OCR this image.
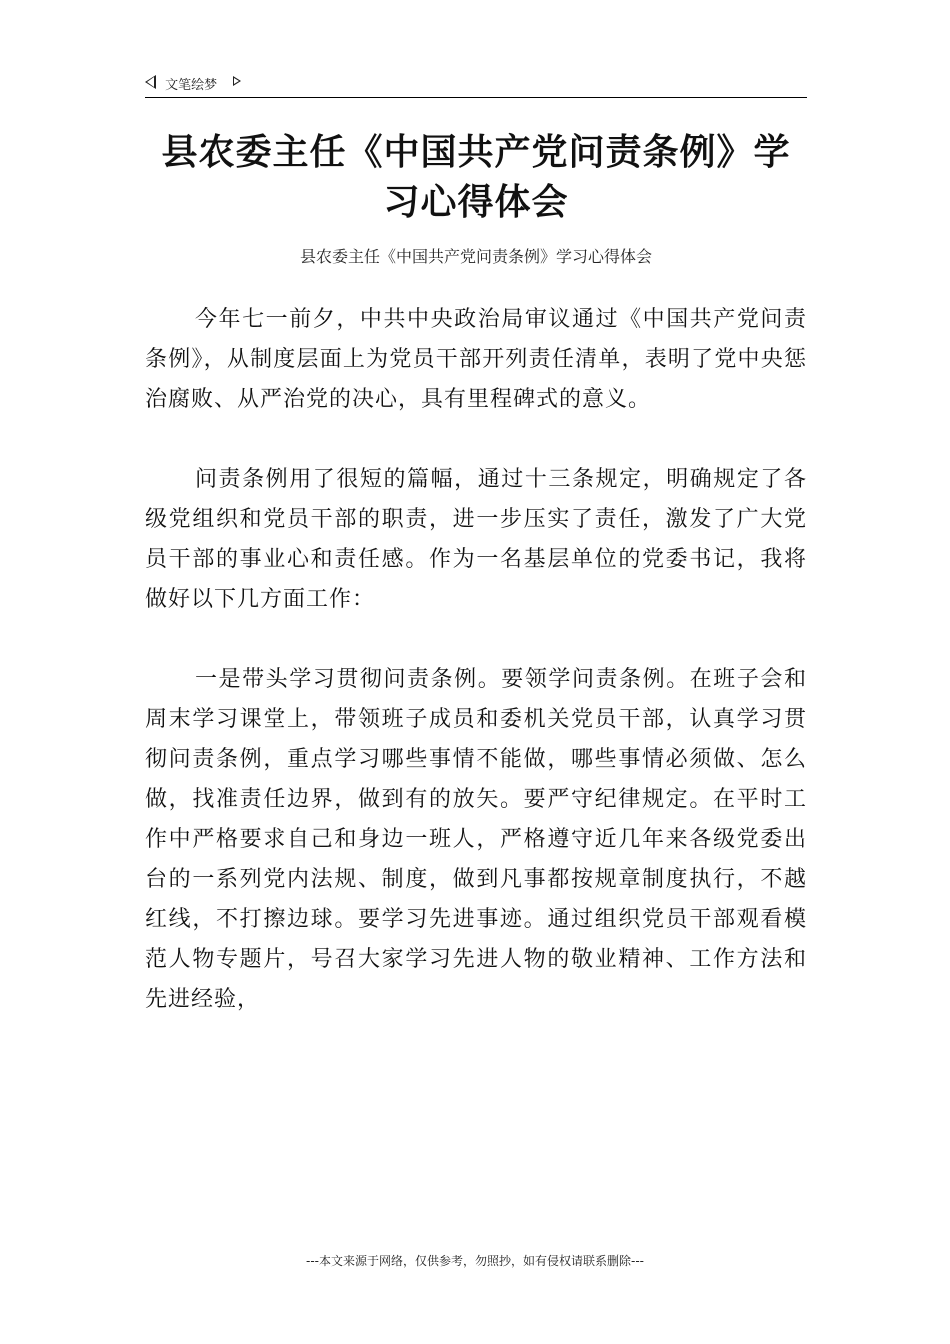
文笔绘梦
县农委主任《中国共产党问责条例》学习心得体会
县农委主任《中国共产党问责条例》学习心得体会

今年七一前夕，中共中央政治局审议通过《中国共产党问责条例》，从制度层面上为党员干部开列责任清单，表明了党中央惩治腐败、从严治党的决心，具有里程碑式的意义。

问责条例用了很短的篇幅，通过十三条规定，明确规定了各级党组织和党员干部的职责，进一步压实了责任，激发了广大党员干部的事业心和责任感。作为一名基层单位的党委书记，我将做好以下几方面工作：

一是带头学习贯彻问责条例。要领学问责条例。在班子会和周末学习课堂上，带领班子成员和委机关党员干部，认真学习贯彻问责条例，重点学习哪些事情不能做，哪些事情必须做、怎么做，找准责任边界，做到有的放矢。要严守纪律规定。在平时工作中严格要求自己和身边一班人，严格遵守近几年来各级党委出台的一系列党内法规、制度，做到凡事都按规章制度执行，不越红线，不打擦边球。要学习先进事迹。通过组织党员干部观看模范人物专题片，号召大家学习先进人物的敬业精神、工作方法和先进经验，

---本文来源于网络，仅供参考，勿照抄，如有侵权请联系删除---
